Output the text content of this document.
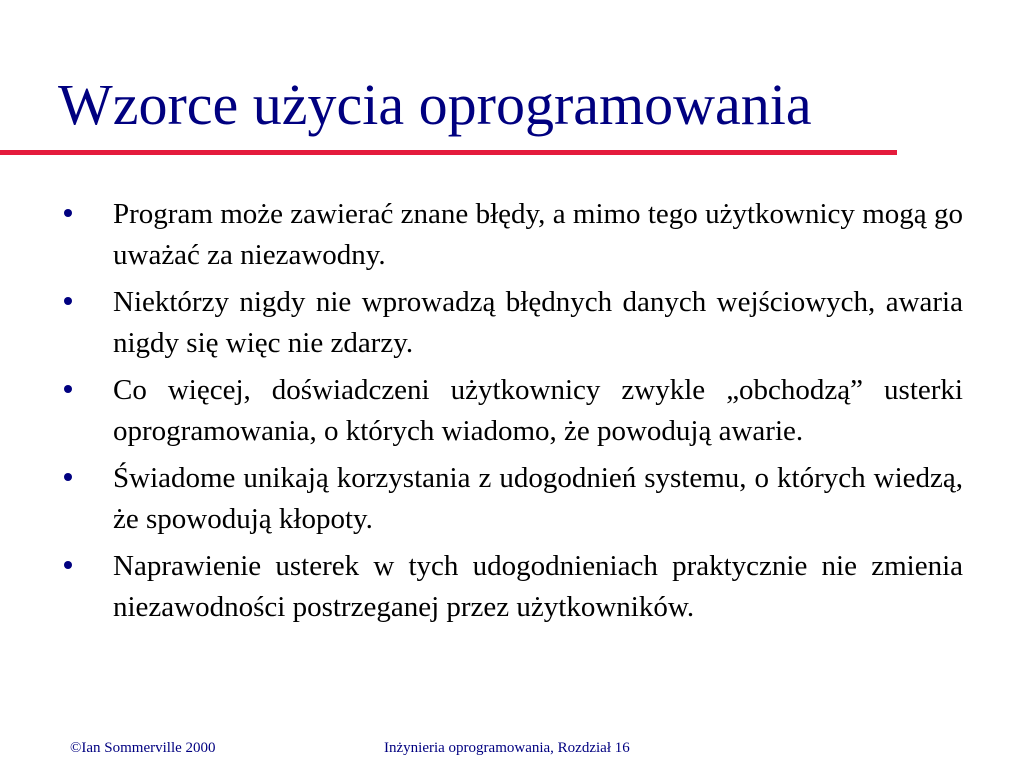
Wzorce użycia oprogramowania
Program może zawierać znane błędy, a mimo tego użytkownicy mogą go uważać za niezawodny.
Niektórzy nigdy nie wprowadzą błędnych danych wejściowych, awaria nigdy się więc nie zdarzy.
Co więcej, doświadczeni użytkownicy zwykle „obchodzą” usterki oprogramowania, o których wiadomo, że powodują awarie.
Świadome unikają korzystania z udogodnień systemu, o których wiedzą, że spowodują kłopoty.
Naprawienie usterek w tych udogodnieniach praktycznie nie zmienia niezawodności postrzeganej przez użytkowników.
©Ian Sommerville 2000	Inżynieria oprogramowania, Rozdział 16
